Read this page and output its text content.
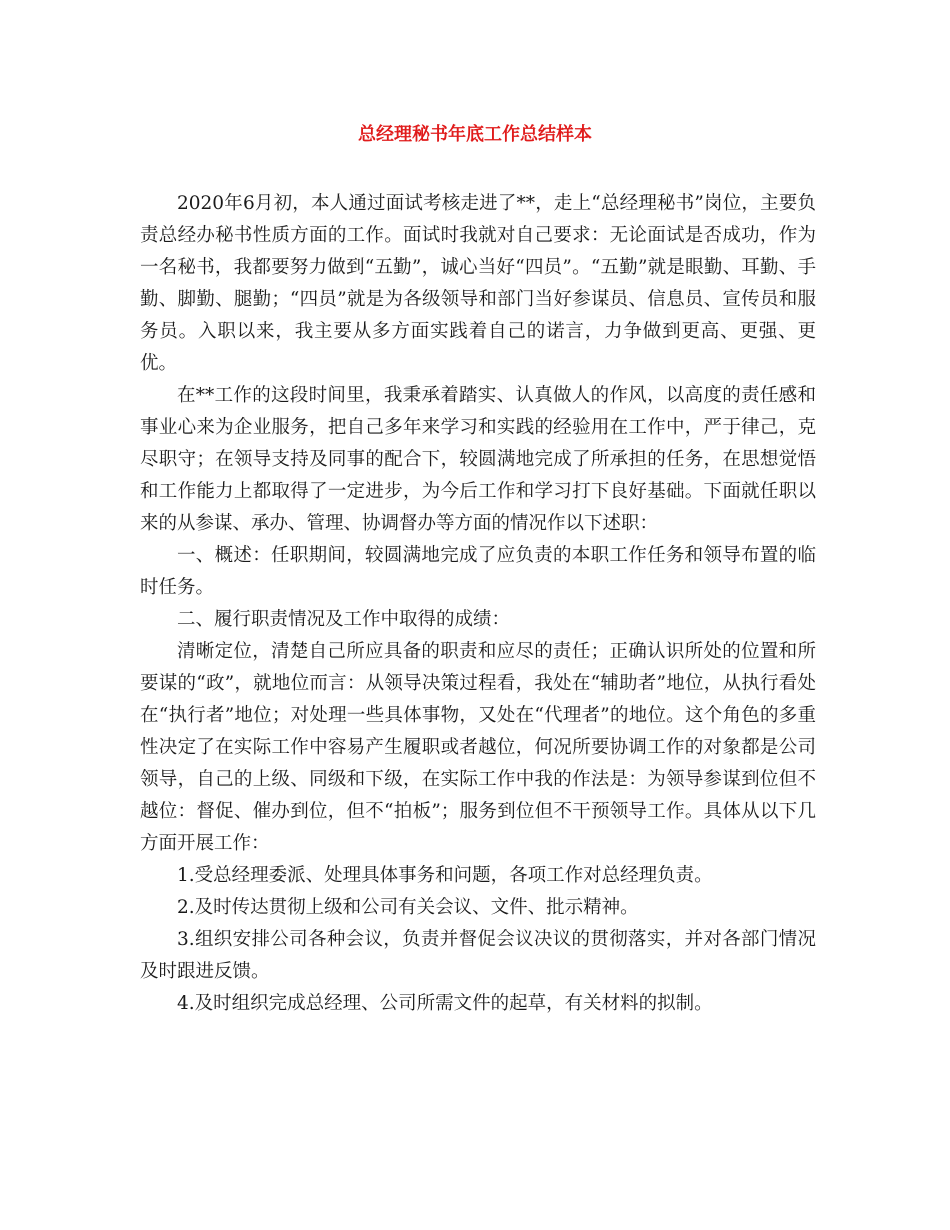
总经理秘书年底工作总结样本

2020年6月初，本人通过面试考核走进了**，走上“总经理秘书”岗位，主要负责总经办秘书性质方面的工作。面试时我就对自己要求：无论面试是否成功，作为一名秘书，我都要努力做到“五勤”，诚心当好“四员”。“五勤”就是眼勤、耳勤、手勤、脚勤、腿勤；“四员”就是为各级领导和部门当好参谋员、信息员、宣传员和服务员。入职以来，我主要从多方面实践着自己的诺言，力争做到更高、更强、更优。

在**工作的这段时间里，我秉承着踏实、认真做人的作风，以高度的责任感和事业心来为企业服务，把自己多年来学习和实践的经验用在工作中，严于律己，克尽职守；在领导支持及同事的配合下，较圆满地完成了所承担的任务，在思想觉悟和工作能力上都取得了一定进步，为今后工作和学习打下良好基础。下面就任职以来的从参谋、承办、管理、协调督办等方面的情况作以下述职：

一、概述：任职期间，较圆满地完成了应负责的本职工作任务和领导布置的临时任务。

二、履行职责情况及工作中取得的成绩：

清晰定位，清楚自己所应具备的职责和应尽的责任；正确认识所处的位置和所要谋的“政”，就地位而言：从领导决策过程看，我处在“辅助者”地位，从执行看处在“执行者”地位；对处理一些具体事物，又处在“代理者”的地位。这个角色的多重性决定了在实际工作中容易产生履职或者越位，何况所要协调工作的对象都是公司领导，自己的上级、同级和下级，在实际工作中我的作法是：为领导参谋到位但不越位：督促、催办到位，但不“拍板”；服务到位但不干预领导工作。具体从以下几方面开展工作：

1.受总经理委派、处理具体事务和问题，各项工作对总经理负责。

2.及时传达贯彻上级和公司有关会议、文件、批示精神。

3.组织安排公司各种会议，负责并督促会议决议的贯彻落实，并对各部门情况及时跟进反馈。

4.及时组织完成总经理、公司所需文件的起草，有关材料的拟制。
